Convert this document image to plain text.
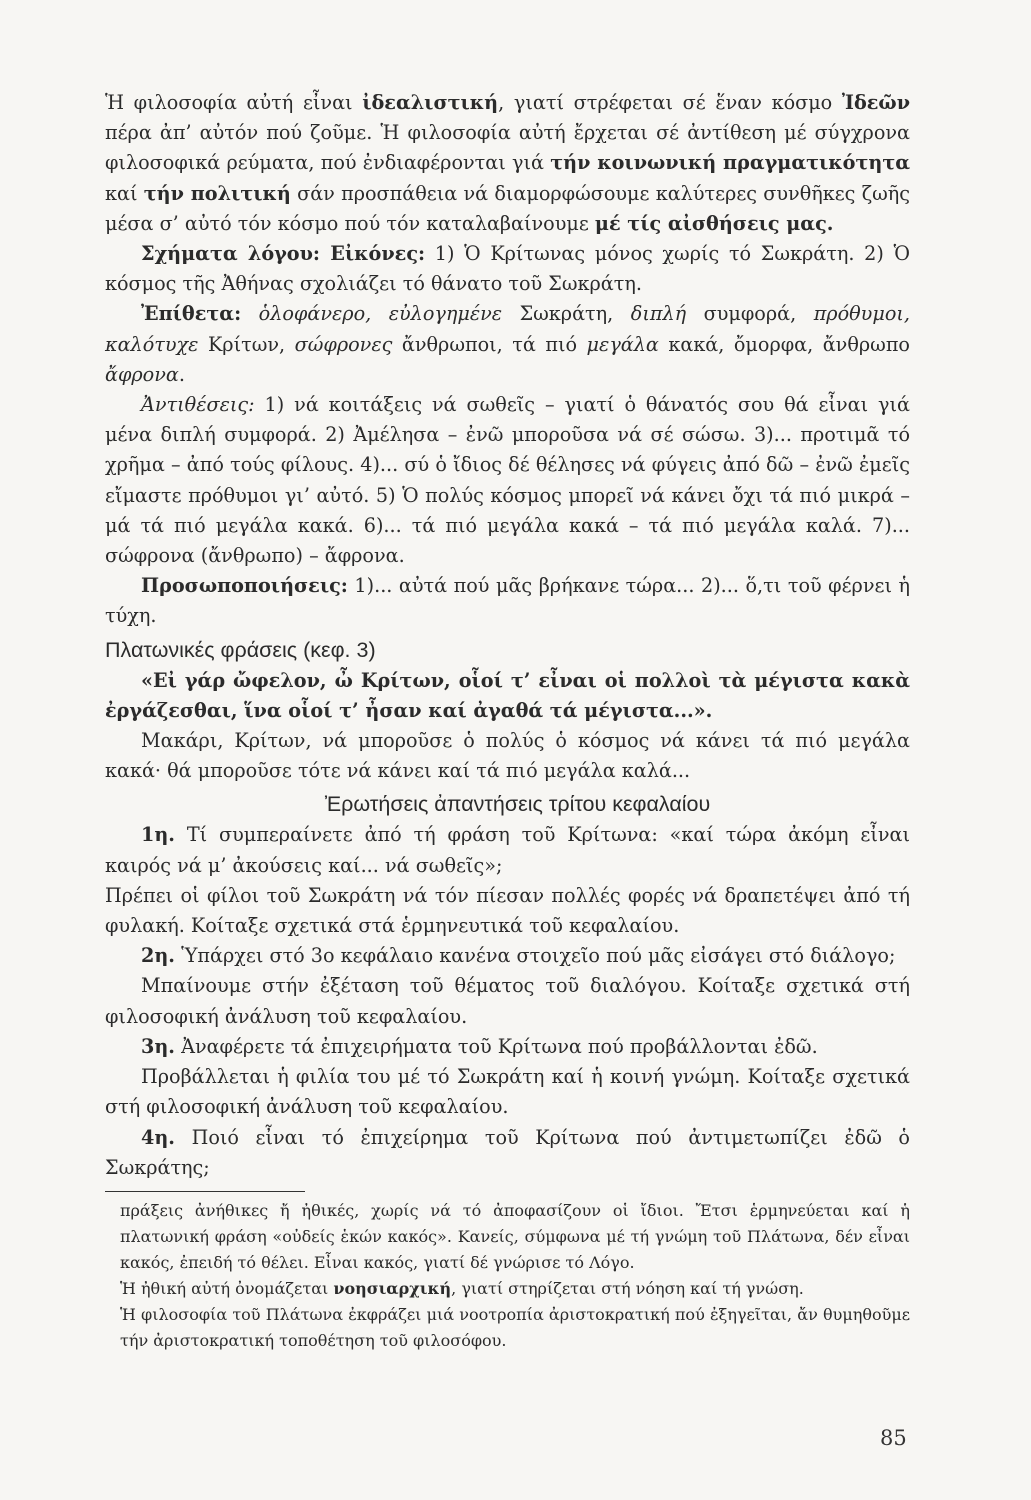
Ἡ φιλοσοφία αὐτή εἶναι ἰδεαλιστική, γιατί στρέφεται σέ ἕναν κόσμο Ἰδεῶν πέρα ἀπ’ αὐτόν πού ζοῦμε. Ἡ φιλοσοφία αὐτή ἔρχεται σέ ἀντίθεση μέ σύγχρονα φιλοσοφικά ρεύματα, πού ἐνδιαφέρονται γιά τήν κοινωνική πραγματικότητα καί τήν πολιτική σάν προσπάθεια νά διαμορφώσουμε καλύτερες συνθῆκες ζωῆς μέσα σ’ αὐτό τόν κόσμο πού τόν καταλαβαίνουμε μέ τίς αἰσθήσεις μας.

Σχήματα λόγου: Εἰκόνες: 1) Ὁ Κρίτωνας μόνος χωρίς τό Σωκράτη. 2) Ὁ κόσμος τῆς Ἀθήνας σχολιάζει τό θάνατο τοῦ Σωκράτη.

Ἐπίθετα: ὁλοφάνερο, εὐλογημένε Σωκράτη, διπλή συμφορά, πρόθυμοι, καλότυχε Κρίτων, σώφρονες ἄνθρωποι, τά πιό μεγάλα κακά, ὄμορφα, ἄνθρωπο ἄφρονα.

Ἀντιθέσεις: 1) νά κοιτάξεις νά σωθεῖς – γιατί ὁ θάνατός σου θά εἶναι γιά μένα διπλή συμφορά. 2) Ἀμέλησα – ἐνῶ μποροῦσα νά σέ σώσω. 3)... προτιμᾶ τό χρῆμα – ἀπό τούς φίλους. 4)... σύ ὁ ἴδιος δέ θέλησες νά φύγεις ἀπό δῶ – ἐνῶ ἐμεῖς εἴμαστε πρόθυμοι γι’ αὐτό. 5) Ὁ πολύς κόσμος μπορεῖ νά κάνει ὄχι τά πιό μικρά – μά τά πιό μεγάλα κακά. 6)... τά πιό μεγάλα κακά – τά πιό μεγάλα καλά. 7)... σώφρονα (ἄνθρωπο) – ἄφρονα.

Προσωποποιήσεις: 1)... αὐτά πού μᾶς βρήκανε τώρα... 2)... ὅ,τι τοῦ φέρνει ἡ τύχη.

Πλατωνικές φράσεις (κεφ. 3)

«Εἰ γάρ ὤφελον, ὦ Κρίτων, οἷοί τ’ εἶναι οἱ πολλοὶ τὰ μέγιστα κακὰ ἐργάζεσθαι, ἵνα οἷοί τ’ ἦσαν καί ἀγαθά τά μέγιστα...».

Μακάρι, Κρίτων, νά μποροῦσε ὁ πολύς ὁ κόσμος νά κάνει τά πιό μεγάλα κακά· θά μποροῦσε τότε νά κάνει καί τά πιό μεγάλα καλά...

Ἐρωτήσεις ἀπαντήσεις τρίτου κεφαλαίου

1η. Τί συμπεραίνετε ἀπό τή φράση τοῦ Κρίτωνα: «καί τώρα ἀκόμη εἶναι καιρός νά μ’ ἀκούσεις καί... νά σωθεῖς»;

Πρέπει οἱ φίλοι τοῦ Σωκράτη νά τόν πίεσαν πολλές φορές νά δραπετέψει ἀπό τή φυλακή. Κοίταξε σχετικά στά ἑρμηνευτικά τοῦ κεφαλαίου.

2η. Ὑπάρχει στό 3ο κεφάλαιο κανένα στοιχεῖο πού μᾶς εἰσάγει στό διάλογο;

Μπαίνουμε στήν ἐξέταση τοῦ θέματος τοῦ διαλόγου. Κοίταξε σχετικά στή φιλοσοφική ἀνάλυση τοῦ κεφαλαίου.

3η. Ἀναφέρετε τά ἐπιχειρήματα τοῦ Κρίτωνα πού προβάλλονται ἐδῶ.

Προβάλλεται ἡ φιλία του μέ τό Σωκράτη καί ἡ κοινή γνώμη. Κοίταξε σχετικά στή φιλοσοφική ἀνάλυση τοῦ κεφαλαίου.

4η. Ποιό εἶναι τό ἐπιχείρημα τοῦ Κρίτωνα πού ἀντιμετωπίζει ἐδῶ ὁ Σωκράτης;

πράξεις ἀνήθικες ἤ ἠθικές, χωρίς νά τό ἀποφασίζουν οἱ ἴδιοι. Ἔτσι ἑρμηνεύεται καί ἡ πλατωνική φράση «οὐδείς ἑκών κακός». Κανείς, σύμφωνα μέ τή γνώμη τοῦ Πλάτωνα, δέν εἶναι κακός, ἐπειδή τό θέλει. Εἶναι κακός, γιατί δέ γνώρισε τό Λόγο.

Ἡ ἠθική αὐτή ὀνομάζεται νοησιαρχική, γιατί στηρίζεται στή νόηση καί τή γνώση.

Ἡ φιλοσοφία τοῦ Πλάτωνα ἐκφράζει μιά νοοτροπία ἀριστοκρατική πού ἐξηγεῖται, ἄν θυμηθοῦμε τήν ἀριστοκρατική τοποθέτηση τοῦ φιλοσόφου.

85
